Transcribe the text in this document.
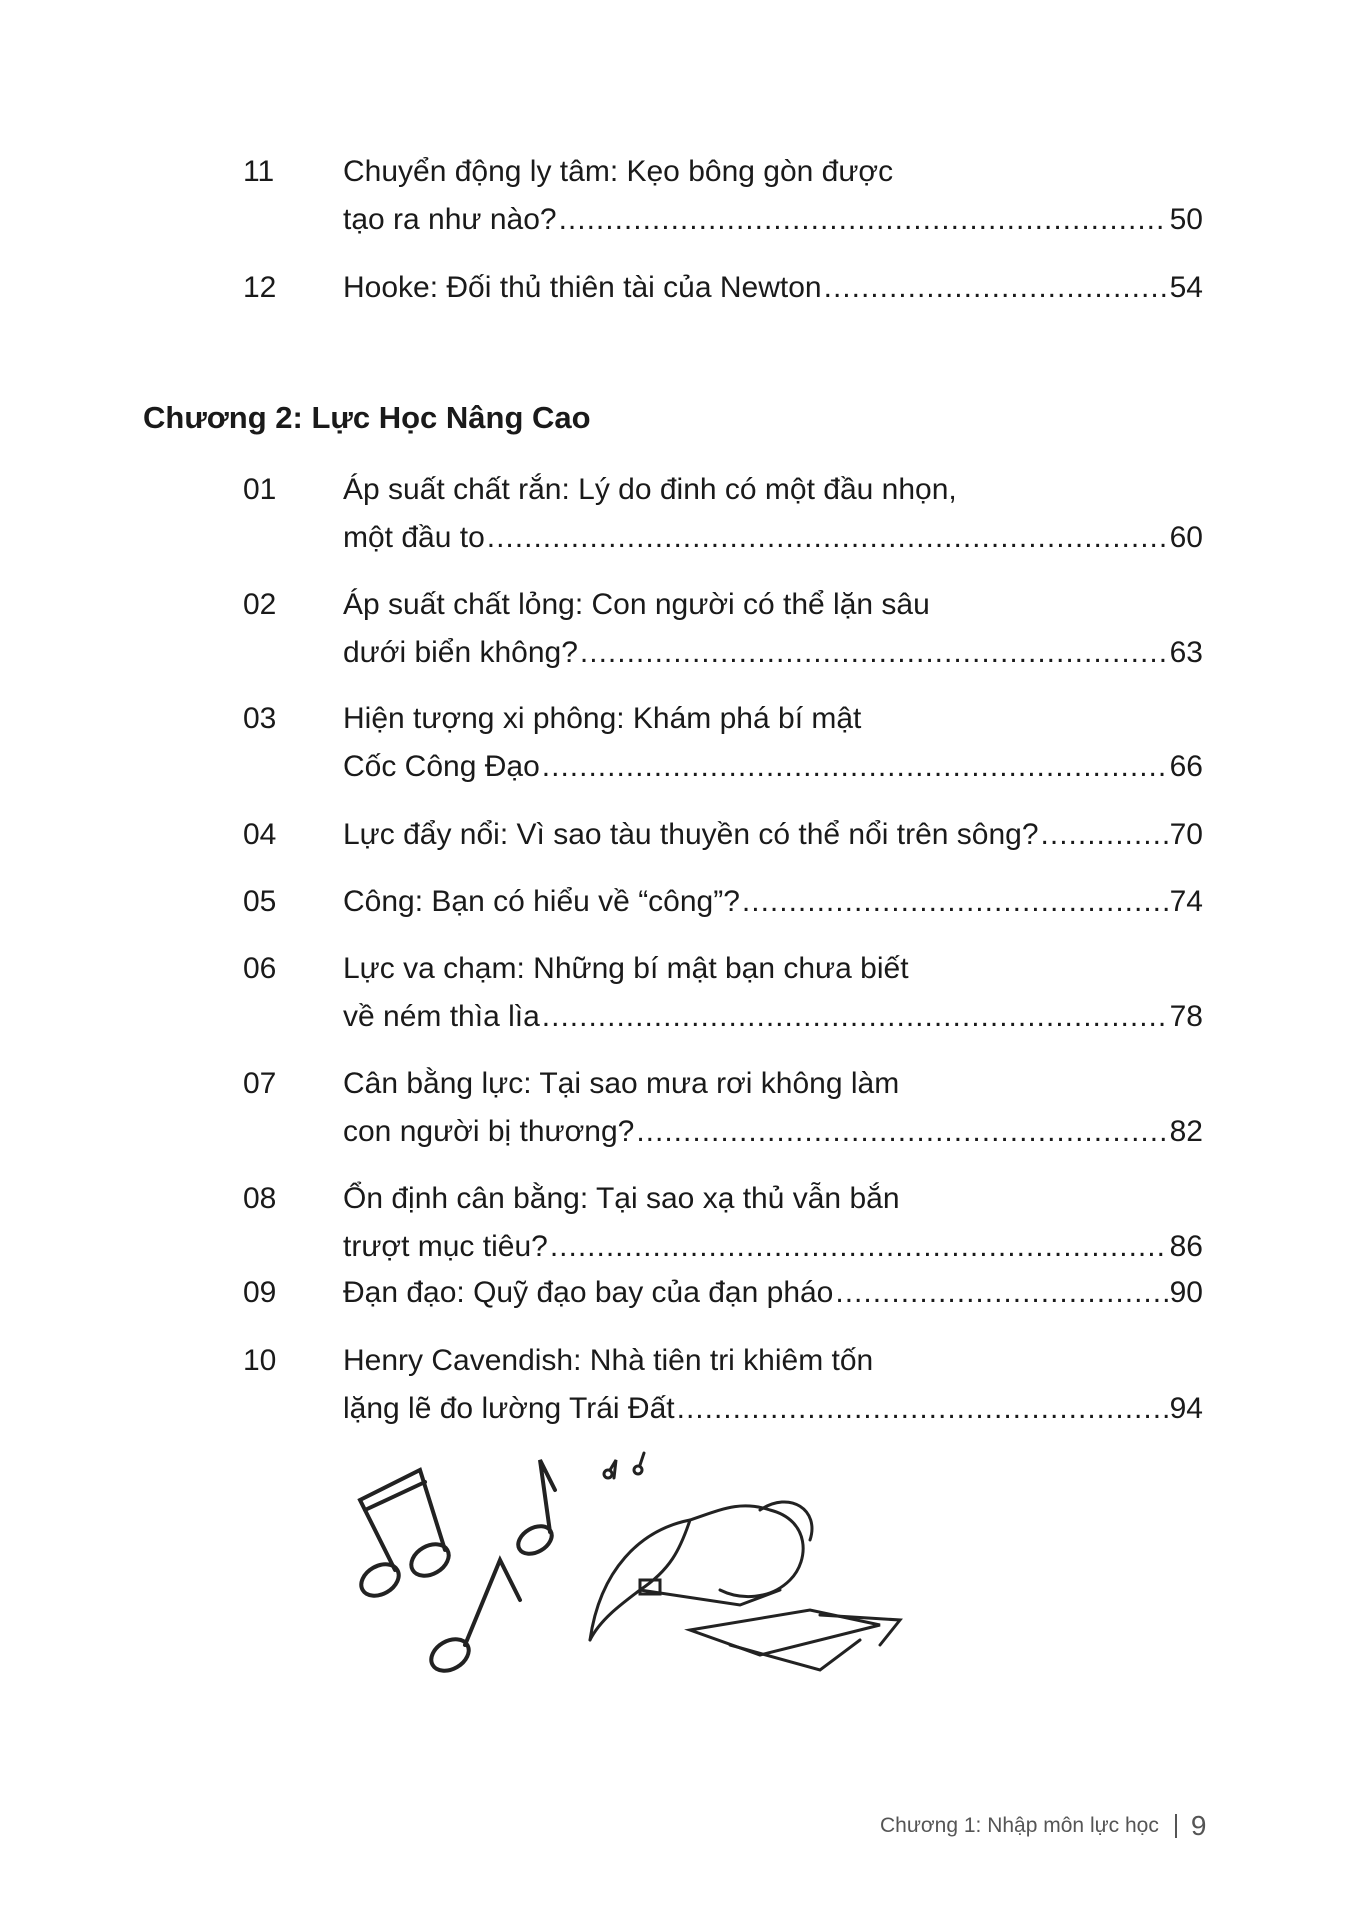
11	Chuyển động ly tâm: Kẹo bông gòn được
tạo ra như nào? .....	50
12	Hooke: Đối thủ thiên tài của Newton .....	54
01	Áp suất chất rắn: Lý do đinh có một đầu nhọn,
một đầu to .....	60
02	Áp suất chất lỏng: Con người có thể lặn sâu
dưới biển không? .....	63
03	Hiện tượng xi phông: Khám phá bí mật
Cốc Công Đạo .....	66
04	Lực đẩy nổi: Vì sao tàu thuyền có thể nổi trên sông? .....	70
05	Công: Bạn có hiểu về “công”? .....	74
06	Lực va chạm: Những bí mật bạn chưa biết
về ném thìa lìa .....	78
07	Cân bằng lực: Tại sao mưa rơi không làm
con người bị thương? .....	82
08	Ổn định cân bằng: Tại sao xạ thủ vẫn bắn
trượt mục tiêu? .....	86
09	Đạn đạo: Quỹ đạo bay của đạn pháo .....	90
10	Henry Cavendish: Nhà tiên tri khiêm tốn
lặng lẽ đo lường Trái Đất .....	94
Chương 2: Lực Học Nâng Cao
Chương 1: Nhập môn lực học 9
